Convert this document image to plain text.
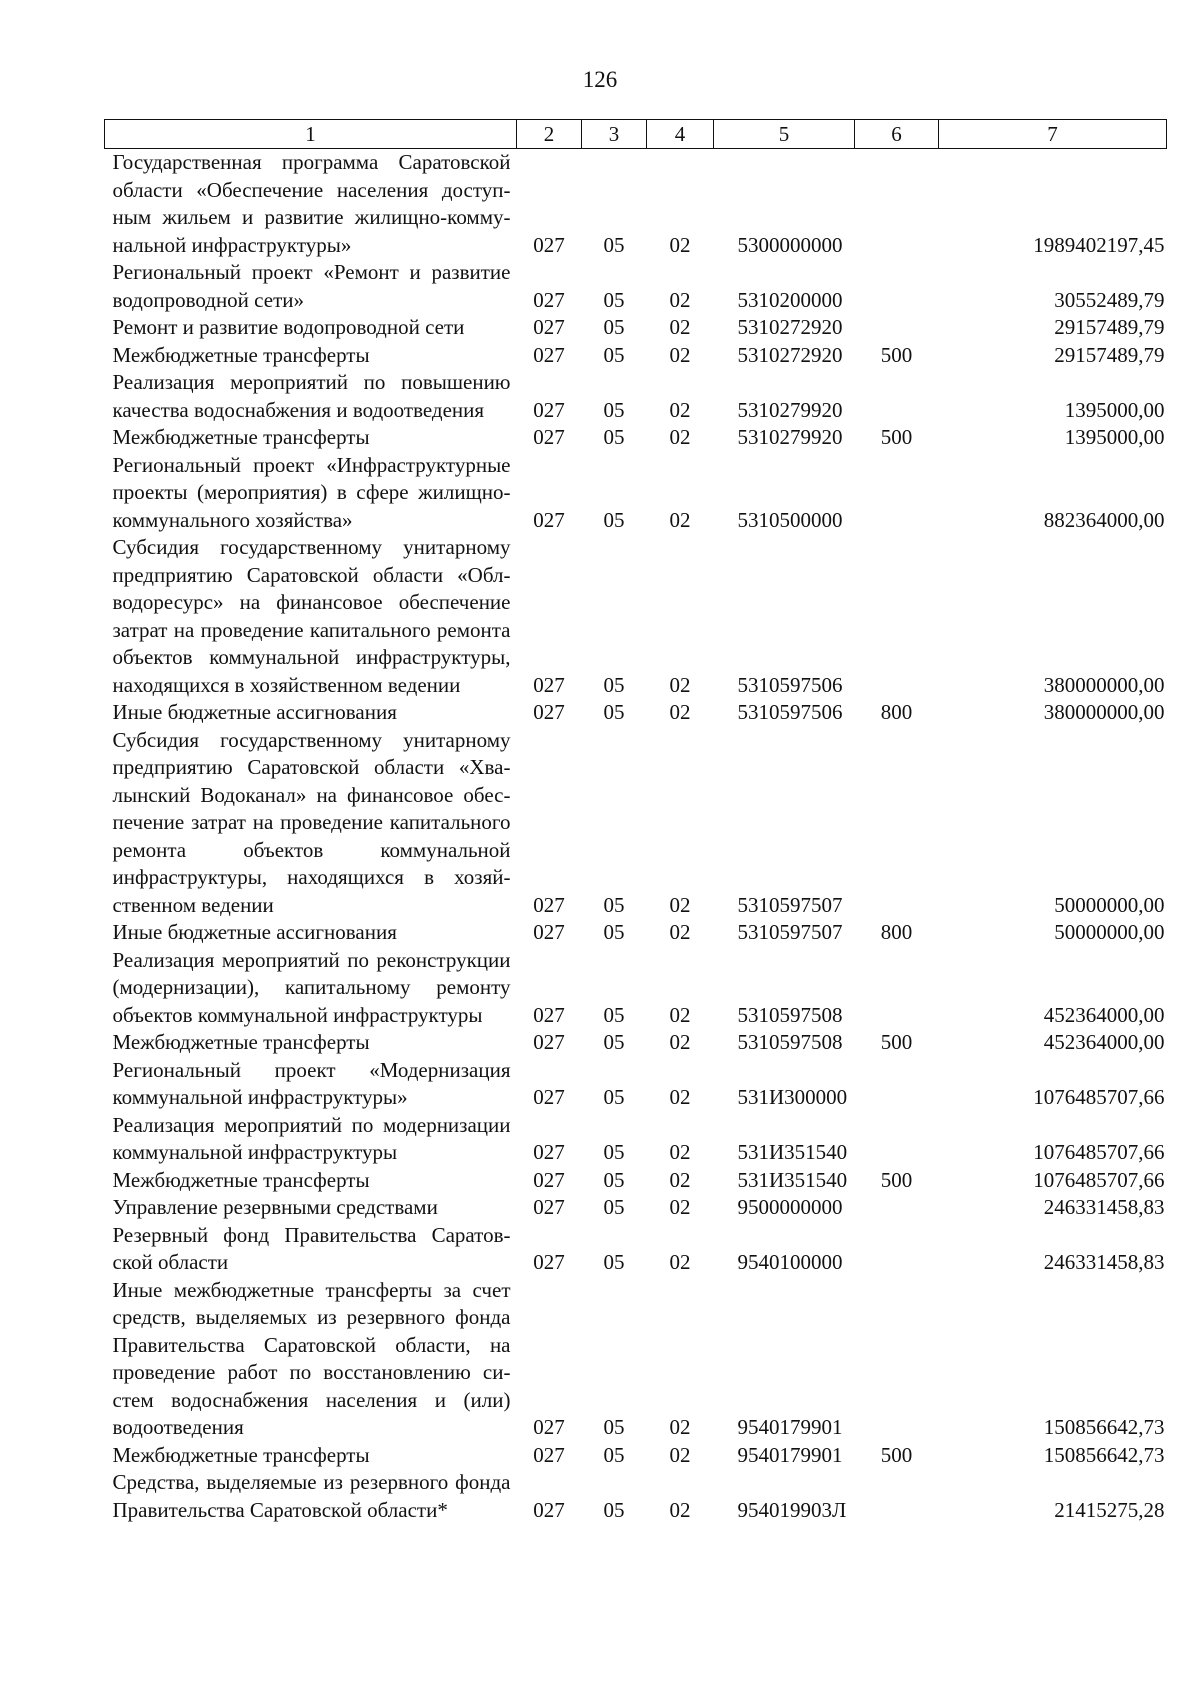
126
1	2	3	4	5	6	7
Государственная программа Саратовской области «Обеспечение населения доступным жильем и развитие жилищно-коммунальной инфраструктуры»	027	05	02	5300000000		1989402197,45
Региональный проект «Ремонт и развитие водопроводной сети»	027	05	02	5310200000		30552489,79
Ремонт и развитие водопроводной сети	027	05	02	5310272920		29157489,79
Межбюджетные трансферты	027	05	02	5310272920	500	29157489,79
Реализация мероприятий по повышению качества водоснабжения и водоотведения	027	05	02	5310279920		1395000,00
Межбюджетные трансферты	027	05	02	5310279920	500	1395000,00
Региональный проект «Инфраструктурные проекты (мероприятия) в сфере жилищно-коммунального хозяйства»	027	05	02	5310500000		882364000,00
Субсидия государственному унитарному предприятию Саратовской области «Облводоресурс» на финансовое обеспечение затрат на проведение капитального ремонта объектов коммунальной инфраструктуры, находящихся в хозяйственном ведении	027	05	02	5310597506		380000000,00
Иные бюджетные ассигнования	027	05	02	5310597506	800	380000000,00
Субсидия государственному унитарному предприятию Саратовской области «Хвалынский Водоканал» на финансовое обеспечение затрат на проведение капитального ремонта объектов коммунальной инфраструктуры, находящихся в хозяйственном ведении	027	05	02	5310597507		50000000,00
Иные бюджетные ассигнования	027	05	02	5310597507	800	50000000,00
Реализация мероприятий по реконструкции (модернизации), капитальному ремонту объектов коммунальной инфраструктуры	027	05	02	5310597508		452364000,00
Межбюджетные трансферты	027	05	02	5310597508	500	452364000,00
Региональный проект «Модернизация коммунальной инфраструктуры»	027	05	02	531И300000		1076485707,66
Реализация мероприятий по модернизации коммунальной инфраструктуры	027	05	02	531И351540		1076485707,66
Межбюджетные трансферты	027	05	02	531И351540	500	1076485707,66
Управление резервными средствами	027	05	02	9500000000		246331458,83
Резервный фонд Правительства Саратовской области	027	05	02	9540100000		246331458,83
Иные межбюджетные трансферты за счет средств, выделяемых из резервного фонда Правительства Саратовской области, на проведение работ по восстановлению систем водоснабжения населения и (или) водоотведения	027	05	02	9540179901		150856642,73
Межбюджетные трансферты	027	05	02	9540179901	500	150856642,73
Средства, выделяемые из резервного фонда Правительства Саратовской области*	027	05	02	954019903Л		21415275,28
